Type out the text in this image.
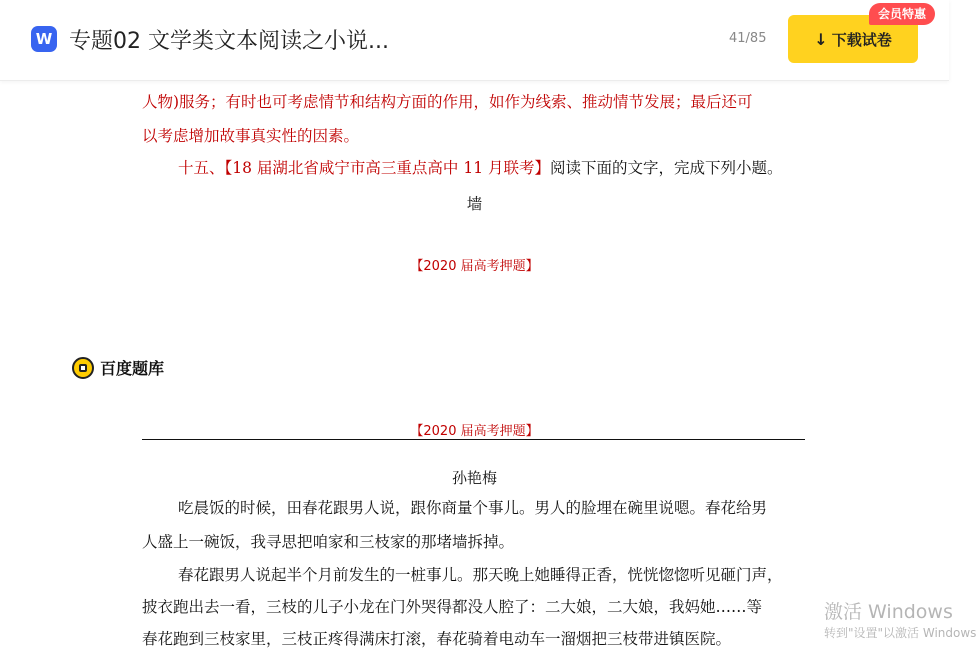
W 专题02 文学类文本阅读之小说...	41/85	↓ 下载试卷
会员特惠
人物)服务；有时也可考虑情节和结构方面的作用，如作为线索、推动情节发展；最后还可
以考虑增加故事真实性的因素。
十五、【18 届湖北省咸宁市高三重点高中 11 月联考】阅读下面的文字，完成下列小题。
墙
【2020 届高考押题】
百度题库
【2020 届高考押题】
孙艳梅
吃晨饭的时候，田春花跟男人说，跟你商量个事儿。男人的脸埋在碗里说嗯。春花给男
人盛上一碗饭，我寻思把咱家和三枝家的那堵墙拆掉。
春花跟男人说起半个月前发生的一桩事儿。那天晚上她睡得正香，恍恍惚惚听见砸门声，
披衣跑出去一看，三枝的儿子小龙在门外哭得都没人腔了：二大娘，二大娘，我妈她……等
春花跑到三枝家里，三枝正疼得满床打滚，春花骑着电动车一溜烟把三枝带进镇医院。
激活 Windows
转到"设置"以激活 Windows
